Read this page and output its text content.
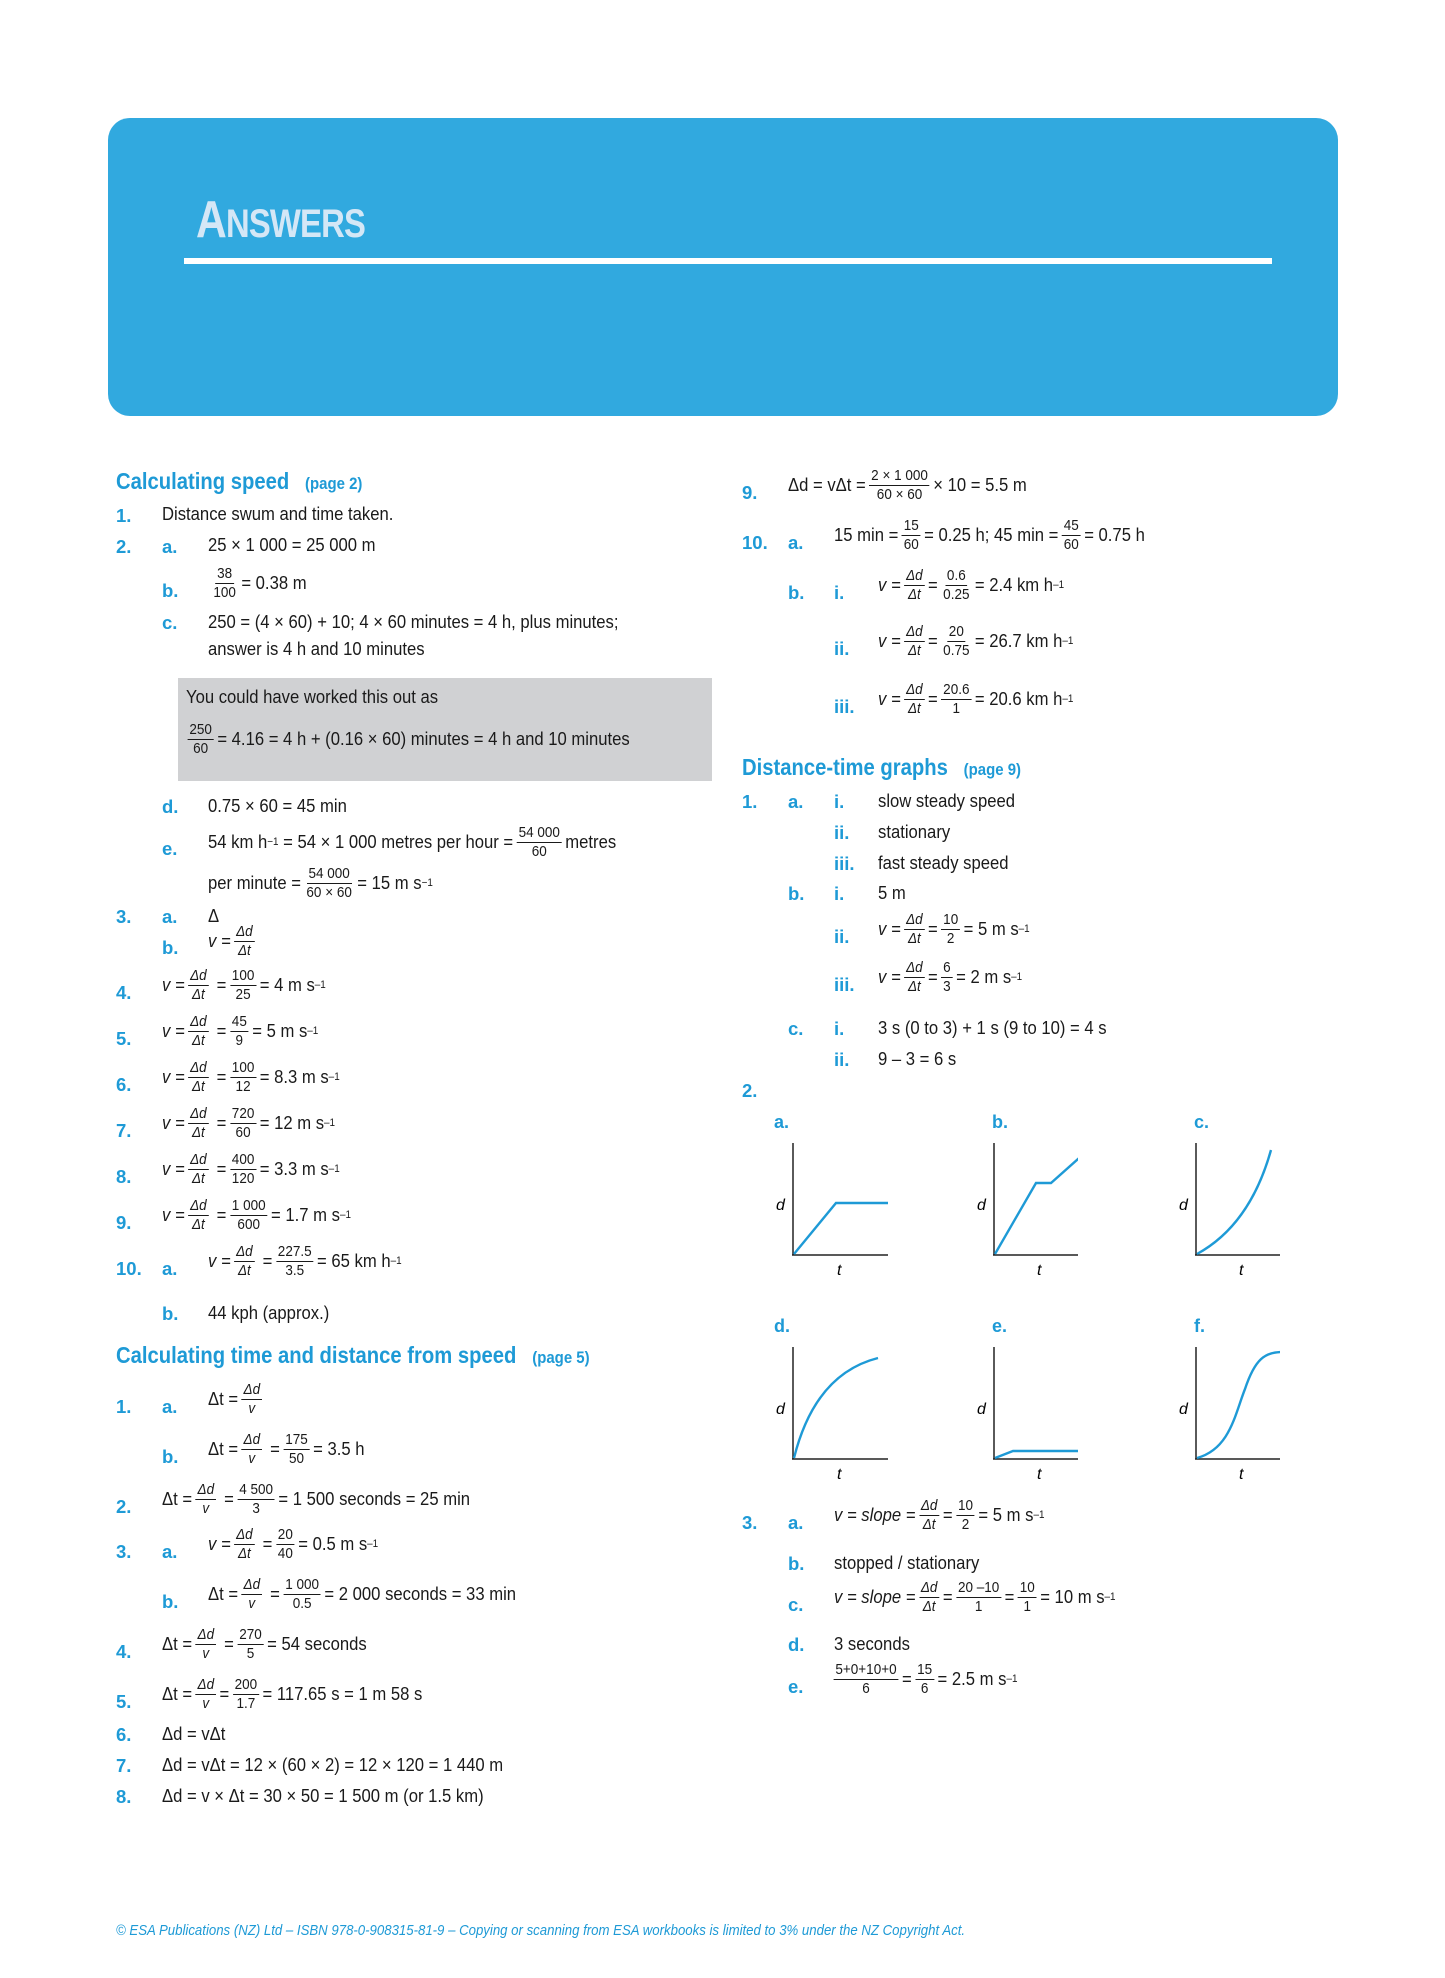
ANSWERS
Calculating speed (page 2)
1. Distance swum and time taken.
2. a. 25 × 1 000 = 25 000 m
b. $\frac{38}{100} = 0.38$ m
c. 250 = (4 × 60) + 10; 4 × 60 minutes = 4 h, plus minutes;
answer is 4 h and 10 minutes
You could have worked this out as
$\frac{250}{60} = 4.16 = 4$ h + (0.16 × 60) minutes = 4 h and 10 minutes
d. 0.75 × 60 = 45 min
e. 54 km h −1
= 54 × 1 000 metres per hour = $\frac{54 000}{60}$ metres
per minute = $\frac{54 000}{60 \times 60} = 15$ m s −1
3. a. Δ
b. $v = \frac{\Delta d}{\Delta t}$
4. $v = \frac{\Delta d}{\Delta t}$
= $\frac{100}{25} = 4$ m s –1
5. $v = \frac{\Delta d}{\Delta t}$
= $\frac{45}{9} = 5$ m s –1
6. $v = \frac{\Delta d}{\Delta t}$
= $\frac{100}{12} = 8.3$ m s –1
7. $v = \frac{\Delta d}{\Delta t}$
= $\frac{720}{60} = 12$ m s –1
8. $v = \frac{\Delta d}{\Delta t}$
= $\frac{400}{120} = 3.3$ m s –1
9. $v = \frac{\Delta d}{\Delta t}$
= $\frac{1 000}{600} = 1.7$ m s –1
10. a. $v = \frac{\Delta d}{\Delta t}$
= $\frac{227.5}{3.5} = 65$ km h –1
b. 44 kph (approx.)
Calculating time and distance from speed (page 5)
1. a. $\Delta t = \frac{\Delta d}{v}$
b. $\Delta t = \frac{\Delta d}{v}$
= $\frac{175}{50} = 3.5$ h
2. $\Delta t = \frac{\Delta d}{v}$
= $\frac{4 500}{3} = 1$ 500 seconds = 25 min
3. a. $v = \frac{\Delta d}{\Delta t}$
= $\frac{20}{40} = 0.5$ m s –1
b. $\Delta t = \frac{\Delta d}{v}$
= $\frac{1 000}{0.5} = 2$ 000 seconds = 33 min
4. $\Delta t = \frac{\Delta d}{v}$
= $\frac{270}{5} = 54$ seconds
5. $\Delta t = \frac{\Delta d}{v} = \frac{200}{1.7} = 117.65$ s = 1 m 58 s
6. Δd = vΔt
7. Δd = vΔt = 12 × (60 × 2) = 12 × 120 = 1 440 m
8. Δd = v × Δt = 30 × 50 = 1 500 m (or 1.5 km)
9. $\Delta d = v\Delta t = \frac{2 \times 1 000}{60 \times 60} \times 10 = 5.5$ m
10. a. 15 $\min = \frac{15}{60} = 0.25$ h; 45 $\min = \frac{45}{60} = 0.75$ h
b. i. $v = \frac{\Delta d}{\Delta t} = \frac{0.6}{0.25} = 2.4$ km h –1
ii. $v = \frac{\Delta d}{\Delta t} = \frac{20}{0.75} = 26.7$ km h –1
iii. $v = \frac{\Delta d}{\Delta t} = \frac{20.6}{1} = 20.6$ km h –1
Distance-time graphs (page 9)
1. a. i. slow steady speed
ii. stationary
iii. fast steady speed
b. i. 5 m
ii. $v = \frac{\Delta d}{\Delta t} = \frac{10}{2} = 5$ m s –1
iii. $v = \frac{\Delta d}{\Delta t} = \frac{6}{3} = 2$ m s –1
c. i. 3 s (0 to 3) + 1 s (9 to 10) = 4 s
ii. 9 – 3 = 6 s
2.
a.	b.	c.
d.	e.	f.
d
t
d
t
d
t
d
t
d
t
d
t
3. a. v = slope = $\frac{\Delta d}{\Delta t} = \frac{10}{2} = 5$ m s –1
b. stopped / stationary
c. v = slope = $\frac{\Delta d}{\Delta t} = \frac{20 -10}{1} = \frac{10}{1} = 10$ m s –1
d. 3 seconds
e. $\frac{5+0+10+0}{6} = \frac{15}{6} = 2.5$ m s –1
© ESA Publications (NZ) Ltd – ISBN 978-0-908315-81-9 – Copying or scanning from ESA workbooks is limited to 3% under the NZ Copyright Act.
